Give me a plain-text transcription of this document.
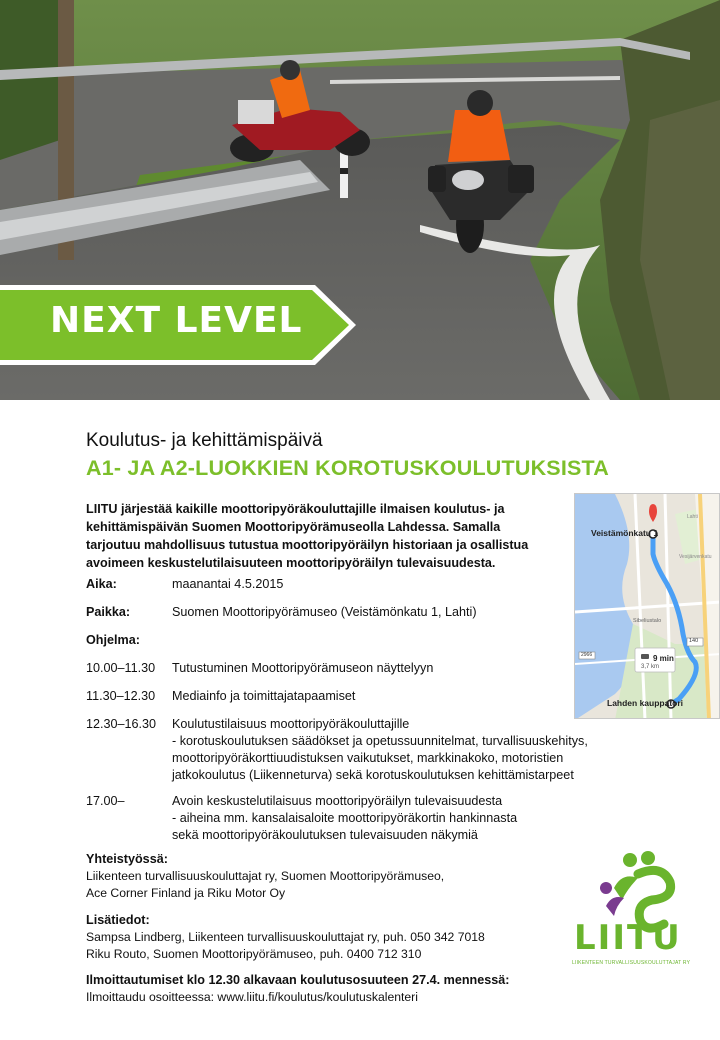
NEXT LEVEL
Koulutus- ja kehittämispäivä
A1- JA A2-LUOKKIEN KOROTUSKOULUTUKSISTA
LIITU järjestää kaikille moottoripyöräkouluttajille ilmaisen koulutus- ja
kehittämispäivän Suomen Moottoripyörämuseolla Lahdessa. Samalla
tarjoutuu mahdollisuus tutustua moottoripyöräilyn historiaan ja osallistua
avoimeen keskustelutilaisuuteen moottoripyöräilyn tulevaisuudesta.
Aika:	maanantai 4.5.2015
Paikka:	Suomen Moottoripyörämuseo (Veistämönkatu 1, Lahti)
Ohjelma:
10.00–11.30 Tutustuminen Moottoripyörämuseon näyttelyyn
11.30–12.30 Mediainfo ja toimittajatapaamiset
12.30–16.30 Koulutustilaisuus moottoripyöräkouluttajille
- korotuskoulutuksen säädökset ja opetussuunnitelmat, turvallisuuskehitys,
moottoripyöräkorttiuudistuksen vaikutukset, markkinakoko, motoristien
jatkokoulutus (Liikenneturva) sekä korotuskoulutuksen kehittämistarpeet
17.00–	Avoin keskustelutilaisuus moottoripyöräilyn tulevaisuudesta
- aiheina mm. kansalaisaloite moottoripyöräkortin hankinnasta
sekä moottoripyöräkoulutuksen tulevaisuuden näkymiä
Yhteistyössä:
Liikenteen turvallisuuskouluttajat ry, Suomen Moottoripyörämuseo,
Ace Corner Finland ja Riku Motor Oy
Lisätiedot:
Sampsa Lindberg, Liikenteen turvallisuuskouluttajat ry, puh. 050 342 7018
Riku Routo, Suomen Moottoripyörämuseo, puh. 0400 712 310
Ilmoittautumiset klo 12.30 alkavaan koulutusosuuteen 27.4. mennessä:
Ilmoittaudu osoitteessa: www.liitu.fi/koulutus/koulutuskalenteri
Veistämönkatu 1
9 min
3,7 km
Sibeliustalo
140
2966
Vesijärvenkatu
Lahti
Lahden kauppatori
LIITU
LIIKENTEEN TURVALLISUUSKOULUTTAJAT RY
